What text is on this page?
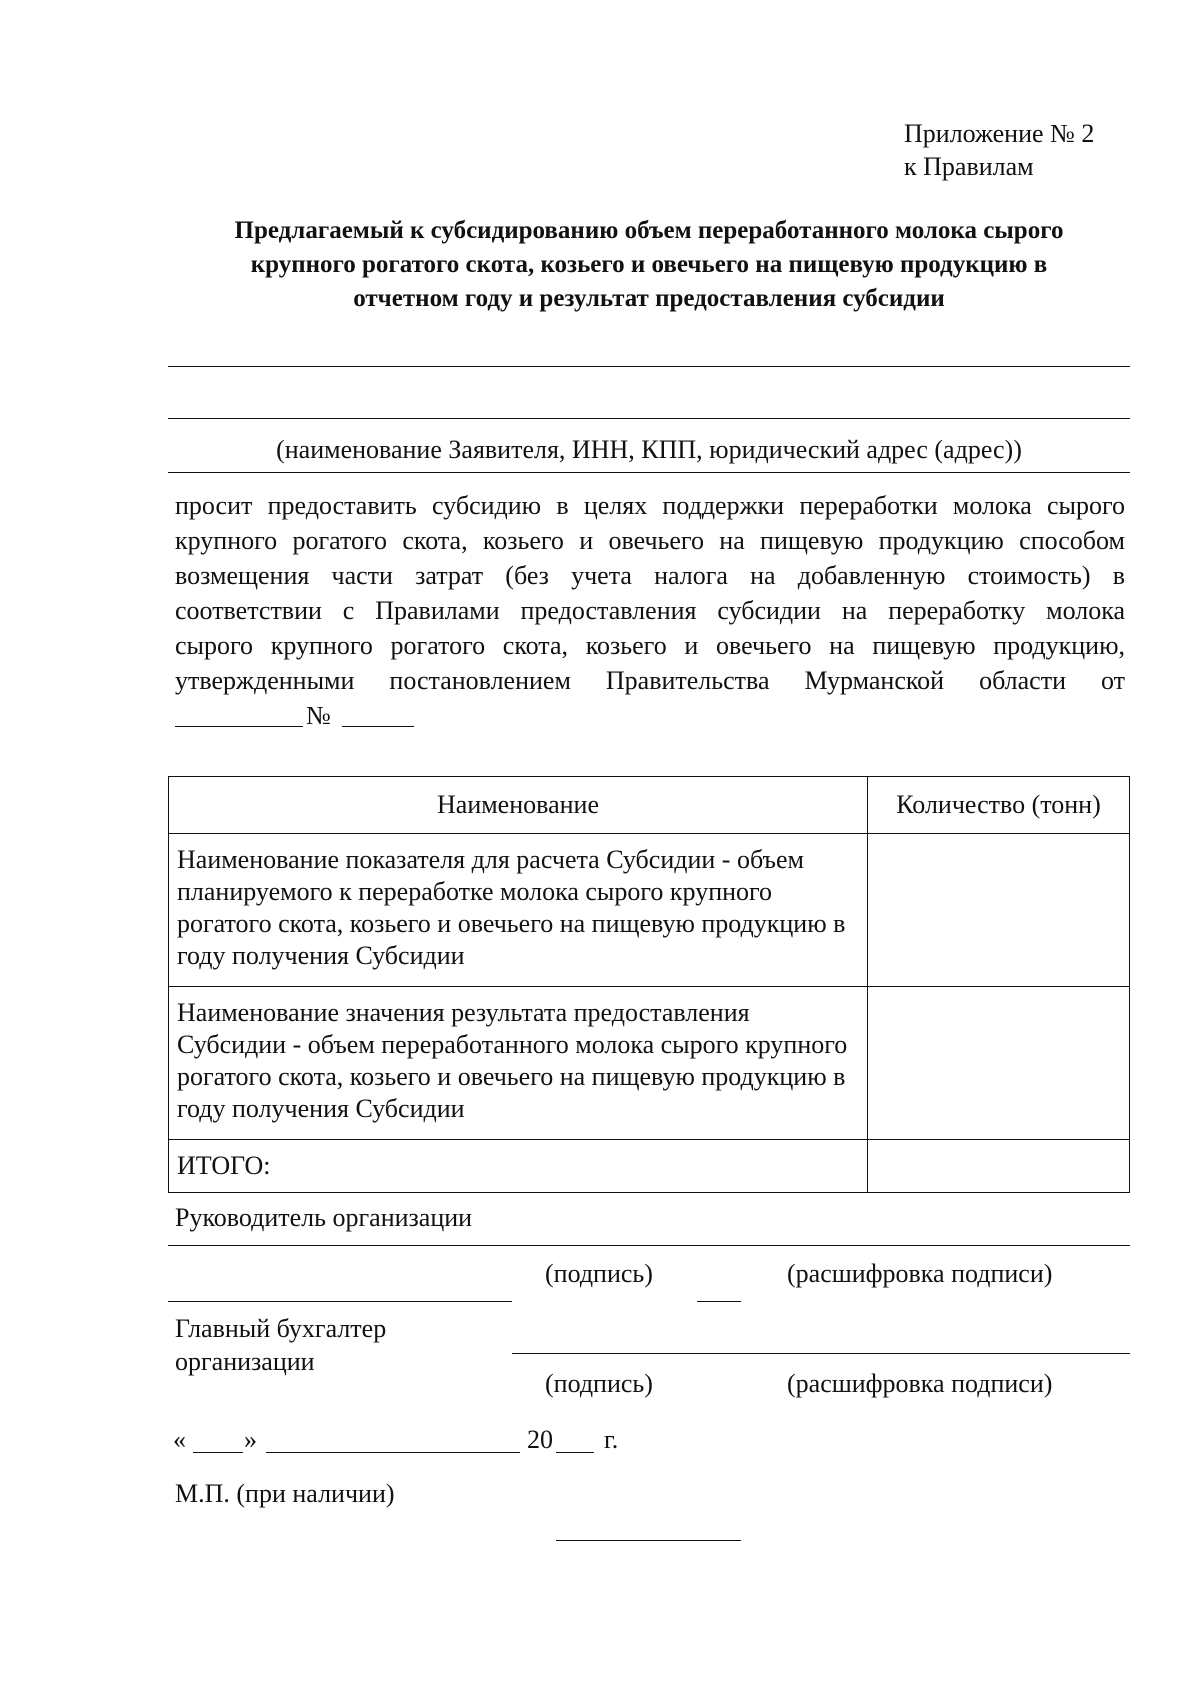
Приложение № 2
к Правилам
Предлагаемый к субсидированию объем переработанного молока сырого
крупного рогатого скота, козьего и овечьего на пищевую продукцию в
отчетном году и результат предоставления субсидии
(наименование Заявителя, ИНН, КПП, юридический адрес (адрес))
просит предоставить субсидию в целях поддержки переработки молока сырого
крупного рогатого скота, козьего и овечьего на пищевую продукцию способом
возмещения части затрат (без учета налога на добавленную стоимость) в
соответствии с Правилами предоставления субсидии на переработку молока
сырого крупного рогатого скота, козьего и овечьего на пищевую продукцию,
утвержденными постановлением Правительства Мурманской области от
№
Наименование	Количество (тонн)
Наименование показателя для расчета Субсидии - объем планируемого к переработке молока сырого крупного рогатого скота, козьего и овечьего на пищевую продукцию в году получения Субсидии	
Наименование значения результата предоставления Субсидии - объем переработанного молока сырого крупного рогатого скота, козьего и овечьего на пищевую продукцию в году получения Субсидии	
ИТОГО:	
Руководитель организации
(подпись)	(расшифровка подписи)
Главный бухгалтер
организации
(подпись)	(расшифровка подписи)
« »	20 г.
М.П. (при наличии)
